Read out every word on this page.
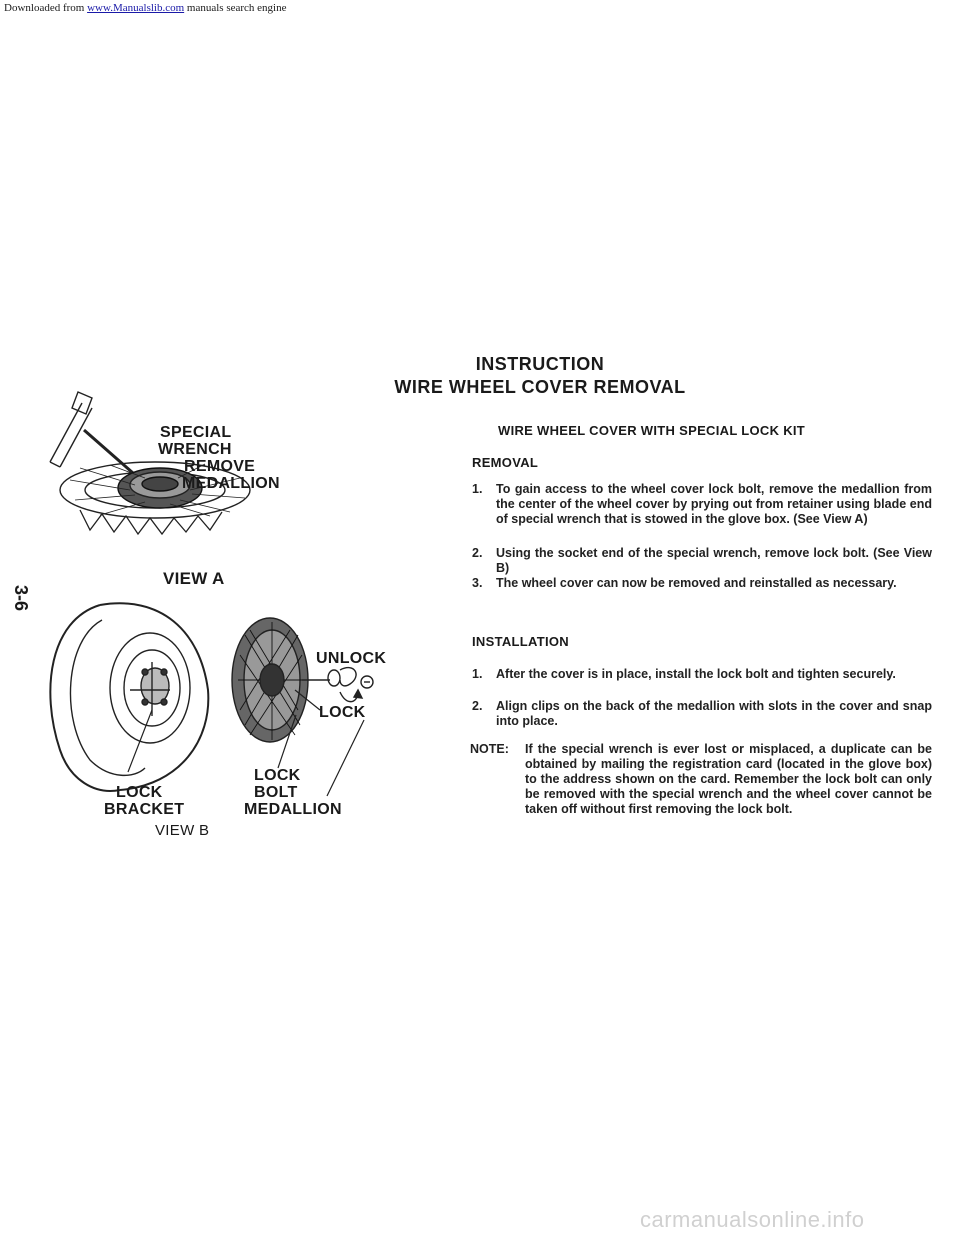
Downloaded from www.Manualslib.com manuals search engine
3-6
INSTRUCTION
WIRE WHEEL COVER REMOVAL
SPECIAL
WRENCH
REMOVE
MEDALLION
VIEW A
UNLOCK
LOCK
LOCK
BOLT
LOCK
BRACKET	MEDALLION
VIEW B
WIRE WHEEL COVER WITH SPECIAL LOCK KIT
REMOVAL
1.	To gain access to the wheel cover lock bolt, remove the medallion from the center of the wheel cover by prying out from retainer using blade end of special wrench that is stowed in the glove box. (See View A)
2.	Using the socket end of the special wrench, remove lock bolt. (See View B)
3.	The wheel cover can now be removed and reinstalled as necessary.
INSTALLATION
1.	After the cover is in place, install the lock bolt and tighten securely.
2.	Align clips on the back of the medallion with slots in the cover and snap into place.
NOTE: If the special wrench is ever lost or misplaced, a duplicate can be obtained by mailing the registration card (located in the glove box) to the address shown on the card. Remember the lock bolt can only be removed with the special wrench and the wheel cover cannot be taken off without first removing the lock bolt.
carmanualsonline.info
